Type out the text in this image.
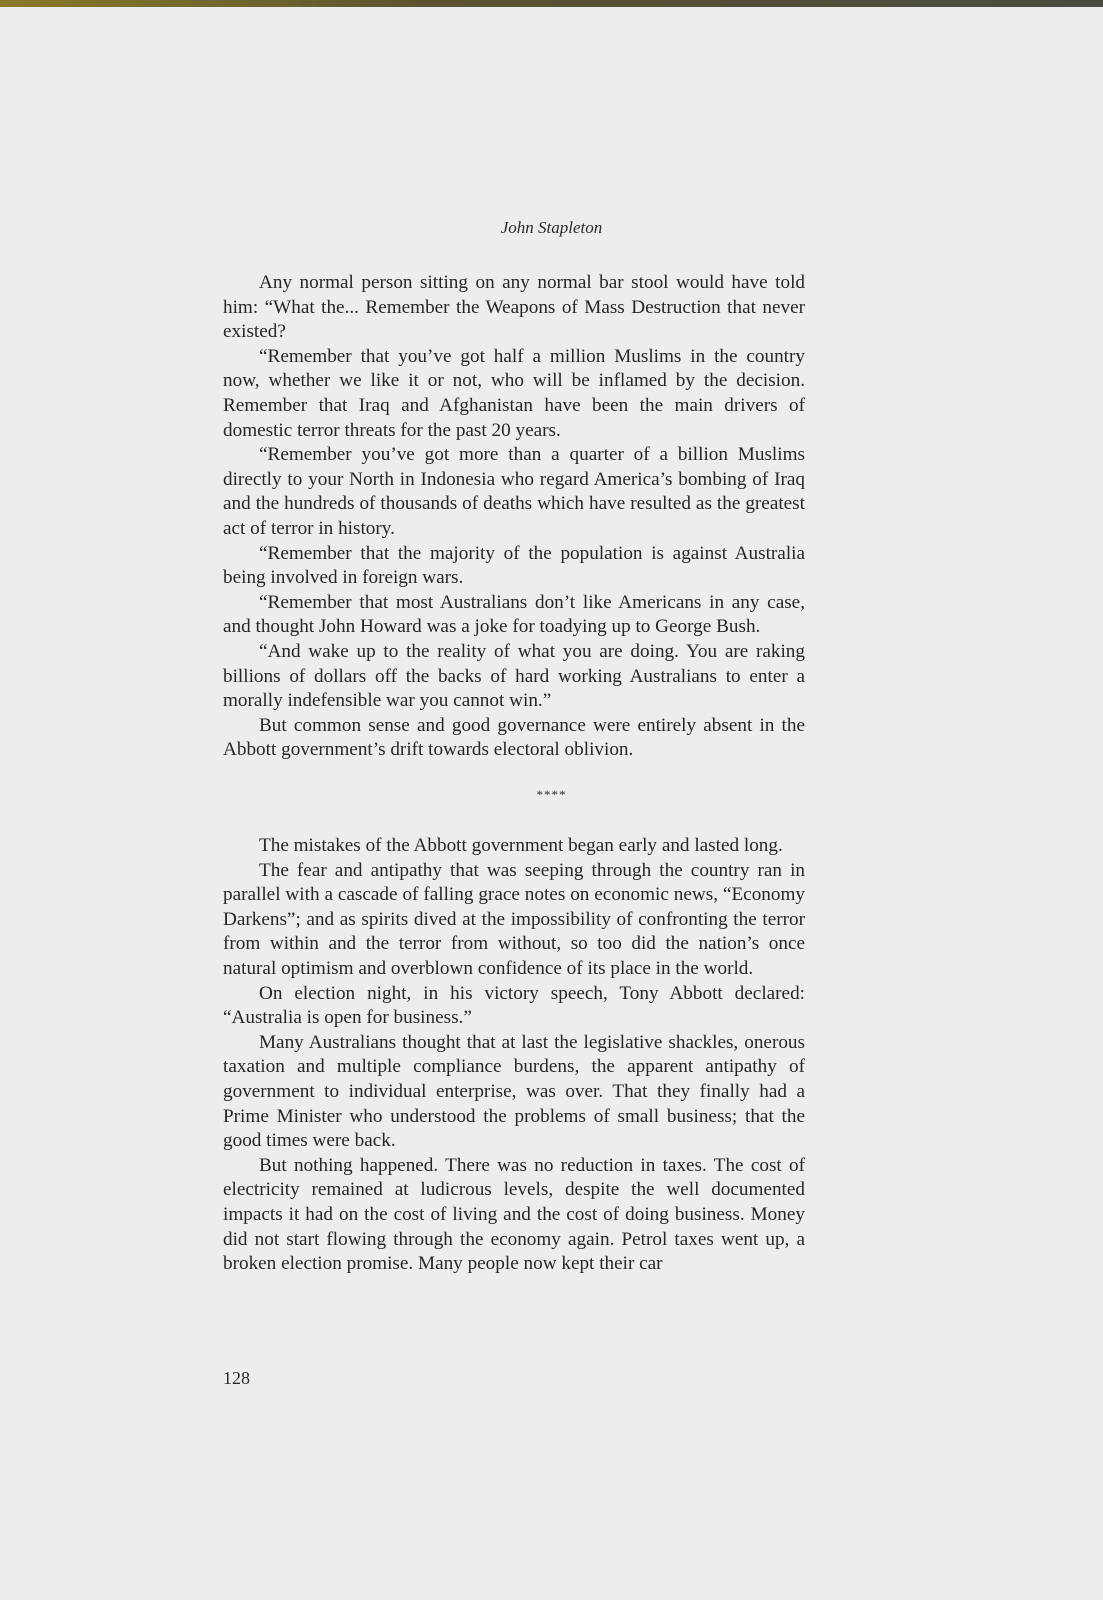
John Stapleton

Any normal person sitting on any normal bar stool would have told him: “What the... Remember the Weapons of Mass Destruction that never existed?

“Remember that you’ve got half a million Muslims in the country now, whether we like it or not, who will be inflamed by the decision. Remember that Iraq and Afghanistan have been the main drivers of domestic terror threats for the past 20 years.

“Remember you’ve got more than a quarter of a billion Muslims directly to your North in Indonesia who regard America’s bombing of Iraq and the hundreds of thousands of deaths which have resulted as the greatest act of terror in history.

“Remember that the majority of the population is against Australia being involved in foreign wars.

“Remember that most Australians don’t like Americans in any case, and thought John Howard was a joke for toadying up to George Bush.

“And wake up to the reality of what you are doing. You are raking billions of dollars off the backs of hard working Australians to enter a morally indefensible war you cannot win.”

But common sense and good governance were entirely absent in the Abbott government’s drift towards electoral oblivion.

****

The mistakes of the Abbott government began early and lasted long.

The fear and antipathy that was seeping through the country ran in parallel with a cascade of falling grace notes on economic news, “Economy Darkens”; and as spirits dived at the impossibility of confronting the terror from within and the terror from without, so too did the nation’s once natural optimism and overblown confidence of its place in the world.

On election night, in his victory speech, Tony Abbott declared: “Australia is open for business.”

Many Australians thought that at last the legislative shackles, onerous taxation and multiple compliance burdens, the apparent antipathy of government to individual enterprise, was over. That they finally had a Prime Minister who understood the problems of small business; that the good times were back.

But nothing happened. There was no reduction in taxes. The cost of electricity remained at ludicrous levels, despite the well documented impacts it had on the cost of living and the cost of doing business. Money did not start flowing through the economy again. Petrol taxes went up, a broken election promise. Many people now kept their car

128
